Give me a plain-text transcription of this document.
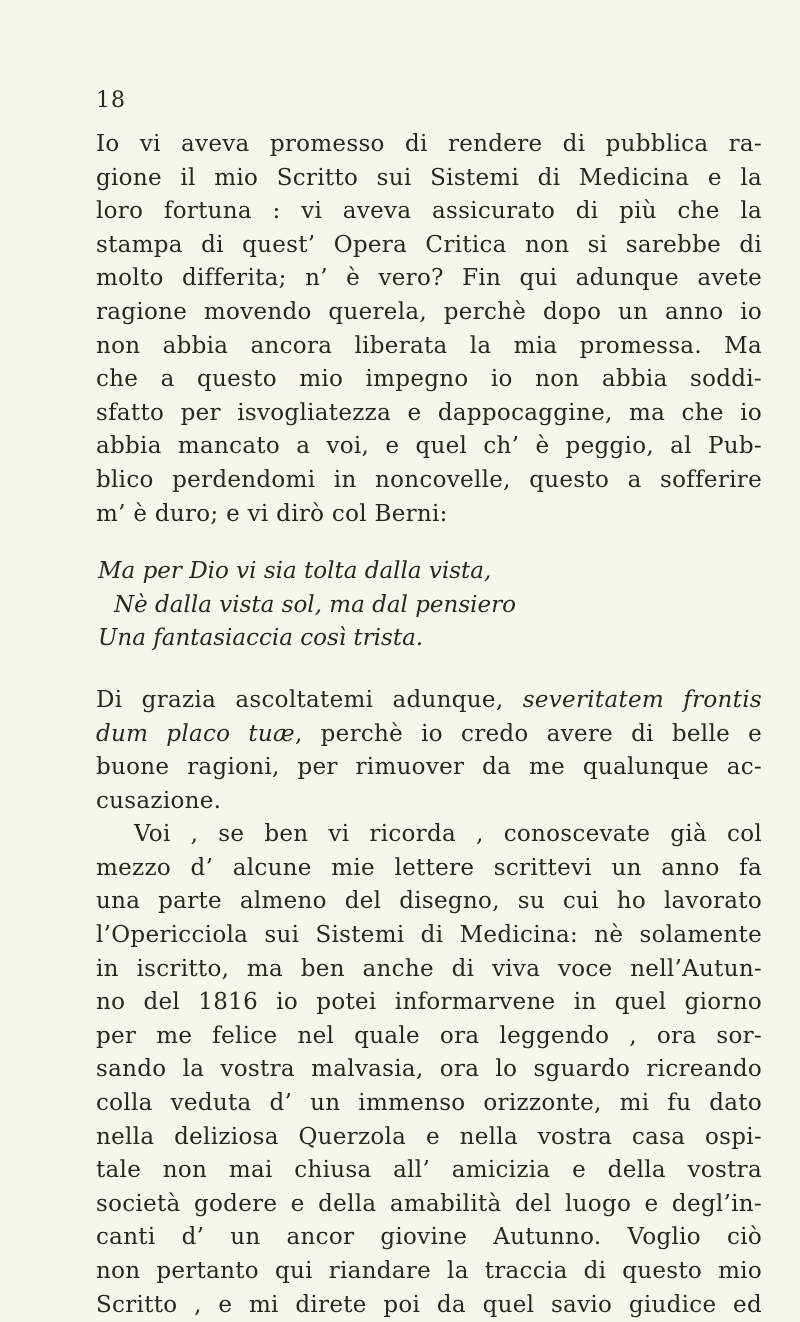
18

Io vi aveva promesso di rendere di pubblica ra-
gione il mio Scritto sui Sistemi di Medicina e la
loro fortuna : vi aveva assicurato di più che la
stampa di quest’ Opera Critica non si sarebbe di
molto differita; n’ è vero? Fin qui adunque avete
ragione movendo querela, perchè dopo un anno io
non abbia ancora liberata la mia promessa. Ma
che a questo mio impegno io non abbia soddi-
sfatto per isvogliatezza e dappocaggine, ma che io
abbia mancato a voi, e quel ch’ è peggio, al Pub-
blico perdendomi in noncovelle, questo a sofferire
m’ è duro; e vi dirò col Berni:

Ma per Dio vi sia tolta dalla vista,
Nè dalla vista sol, ma dal pensiero
Una fantasiaccia così trista.

Di grazia ascoltatemi adunque, severitatem frontis
dum placo tuæ, perchè io credo avere di belle e
buone ragioni, per rimuover da me qualunque ac-
cusazione.

Voi , se ben vi ricorda , conoscevate già col
mezzo d’ alcune mie lettere scrittevi un anno fa
una parte almeno del disegno, su cui ho lavorato
l’Opericciola sui Sistemi di Medicina: nè solamente
in iscritto, ma ben anche di viva voce nell’Autun-
no del 1816 io potei informarvene in quel giorno
per me felice nel quale ora leggendo , ora sor-
sando la vostra malvasia, ora lo sguardo ricreando
colla veduta d’ un immenso orizzonte, mi fu dato
nella deliziosa Querzola e nella vostra casa ospi-
tale non mai chiusa all’ amicizia e della vostra
società godere e della amabilità del luogo e degl’in-
canti d’ un ancor giovine Autunno. Voglio ciò
non pertanto qui riandare la traccia di questo mio
Scritto , e mi direte poi da quel savio giudice ed
